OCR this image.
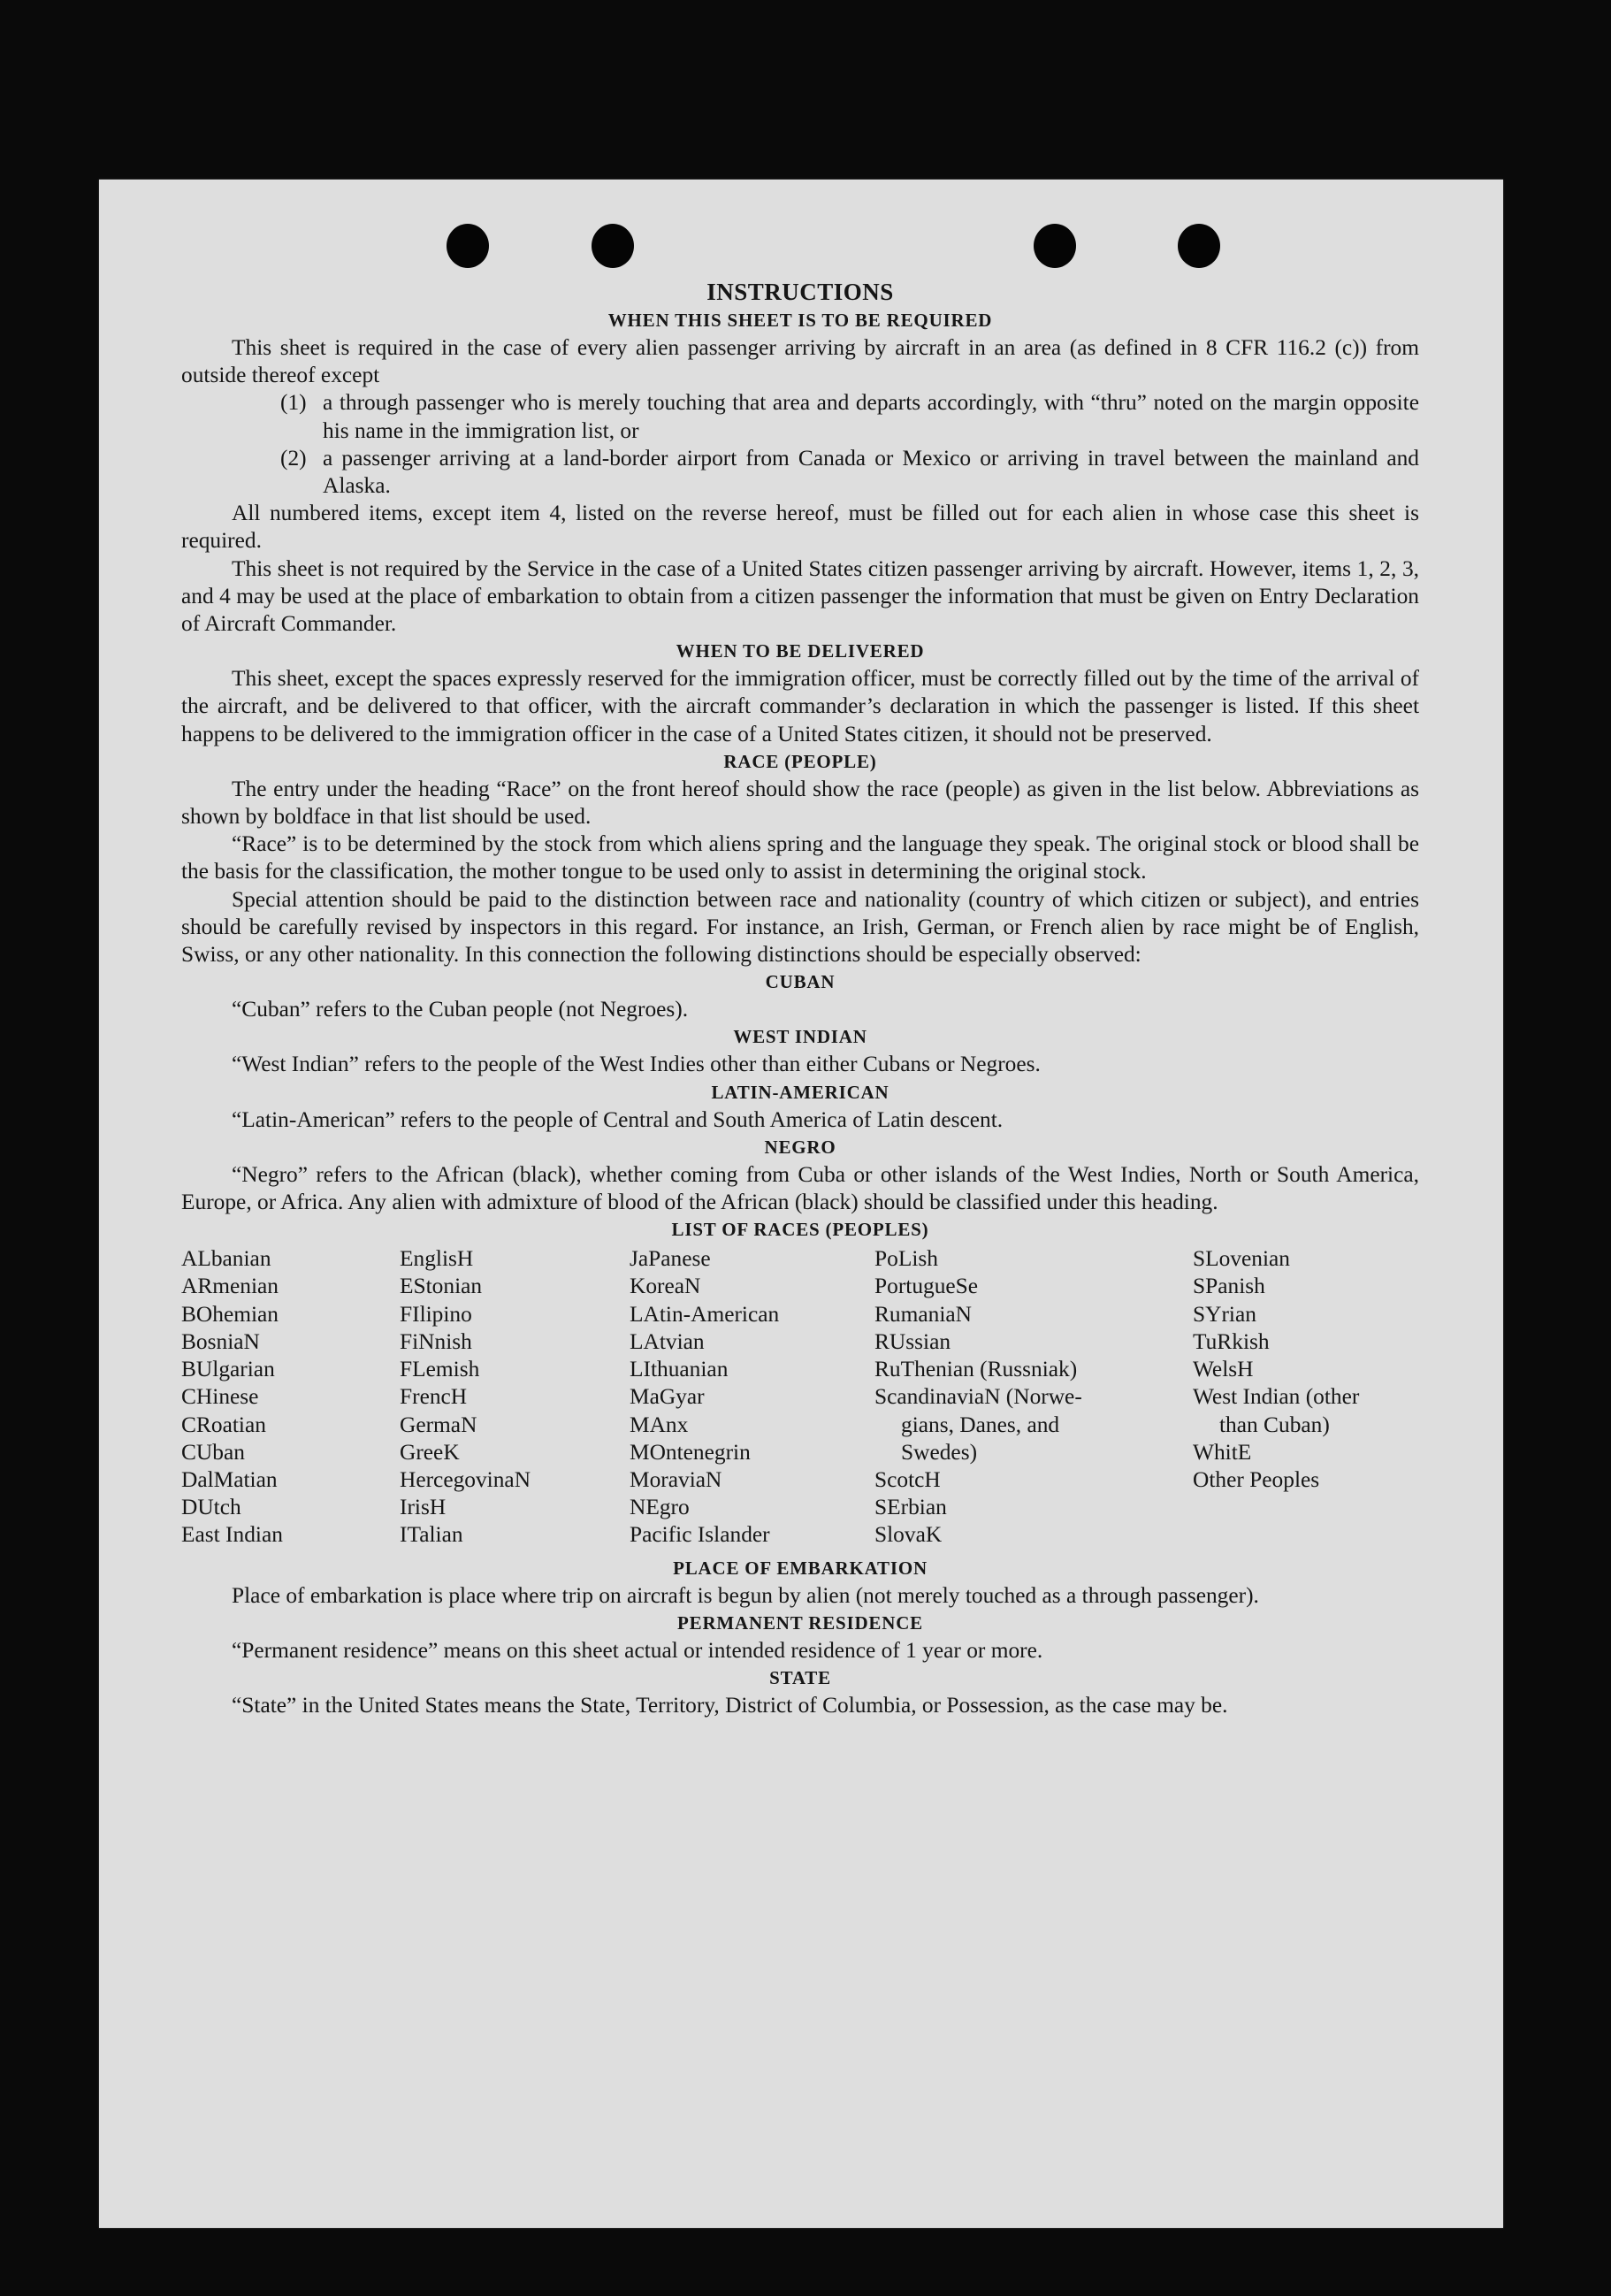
INSTRUCTIONS

WHEN THIS SHEET IS TO BE REQUIRED

This sheet is required in the case of every alien passenger arriving by aircraft in an area (as defined in 8 CFR 116.2 (c)) from outside thereof except

(1) a through passenger who is merely touching that area and departs accordingly, with “thru” noted on the margin opposite his name in the immigration list, or
(2) a passenger arriving at a land-border airport from Canada or Mexico or arriving in travel between the mainland and Alaska.

All numbered items, except item 4, listed on the reverse hereof, must be filled out for each alien in whose case this sheet is required.

This sheet is not required by the Service in the case of a United States citizen passenger arriving by aircraft. However, items 1, 2, 3, and 4 may be used at the place of embarkation to obtain from a citizen passenger the information that must be given on Entry Declaration of Aircraft Commander.

WHEN TO BE DELIVERED

This sheet, except the spaces expressly reserved for the immigration officer, must be correctly filled out by the time of the arrival of the aircraft, and be delivered to that officer, with the aircraft commander’s declaration in which the passenger is listed. If this sheet happens to be delivered to the immigration officer in the case of a United States citizen, it should not be preserved.

RACE (PEOPLE)

The entry under the heading “Race” on the front hereof should show the race (people) as given in the list below. Abbreviations as shown by boldface in that list should be used.

“Race” is to be determined by the stock from which aliens spring and the language they speak. The original stock or blood shall be the basis for the classification, the mother tongue to be used only to assist in determining the original stock.

Special attention should be paid to the distinction between race and nationality (country of which citizen or subject), and entries should be carefully revised by inspectors in this regard. For instance, an Irish, German, or French alien by race might be of English, Swiss, or any other nationality. In this connection the following distinctions should be especially observed:

CUBAN

“Cuban” refers to the Cuban people (not Negroes).

WEST INDIAN

“West Indian” refers to the people of the West Indies other than either Cubans or Negroes.

LATIN-AMERICAN

“Latin-American” refers to the people of Central and South America of Latin descent.

NEGRO

“Negro” refers to the African (black), whether coming from Cuba or other islands of the West Indies, North or South America, Europe, or Africa. Any alien with admixture of blood of the African (black) should be classified under this heading.

LIST OF RACES (PEOPLES)

ALbanian
ARmenian
BOhemian
BosniaN
BUlgarian
CHinese
CRoatian
CUban
DalMatian
DUtch
East Indian
EnglisH
EStonian
FIlipino
FiNnish
FLemish
FrencH
GermaN
GreeK
HercegovinaN
IrisH
ITalian
JaPanese
KoreaN
LAtin-American
LAtvian
LIthuanian
MaGyar
MAnx
MOntenegrin
MoraviaN
NEgro
Pacific Islander
PoLish
PortugueSe
RumaniaN
RUssian
RuThenian (Russniak)
ScandinaviaN (Norwe-
gians, Danes, and
Swedes)
ScotcH
SErbian
SlovaK
SLovenian
SPanish
SYrian
TuRkish
WelsH
West Indian (other
than Cuban)
WhitE
Other Peoples

PLACE OF EMBARKATION

Place of embarkation is place where trip on aircraft is begun by alien (not merely touched as a through passenger).

PERMANENT RESIDENCE

“Permanent residence” means on this sheet actual or intended residence of 1 year or more.

STATE

“State” in the United States means the State, Territory, District of Columbia, or Possession, as the case may be.
